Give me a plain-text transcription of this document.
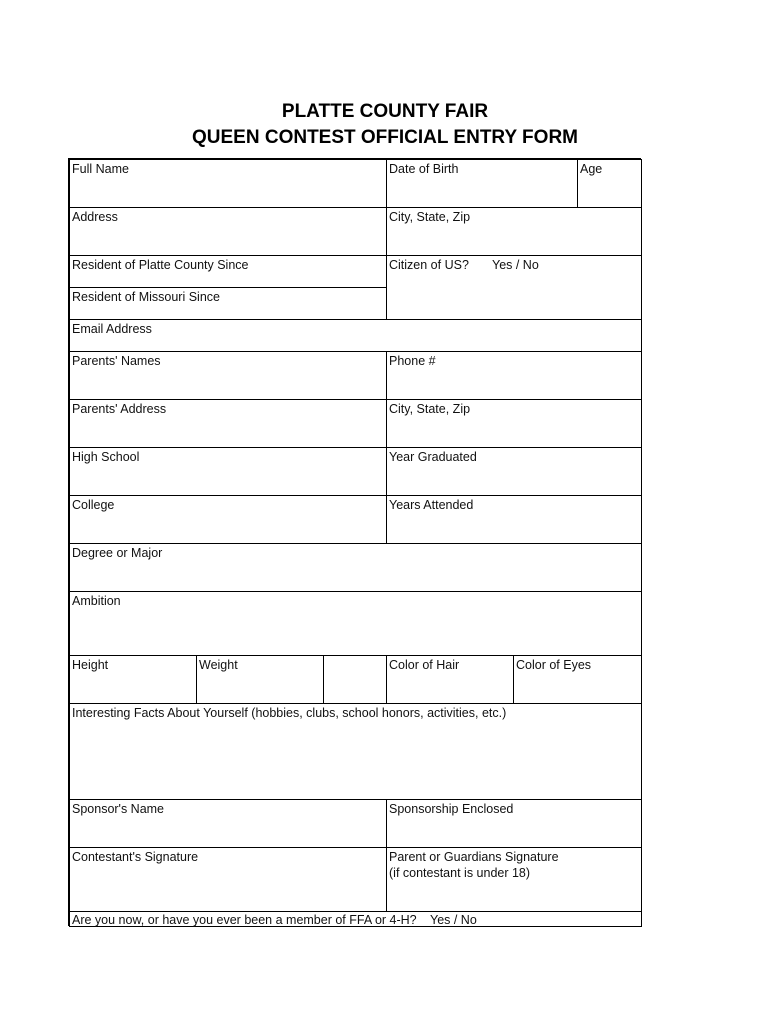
PLATTE COUNTY FAIR
QUEEN CONTEST OFFICIAL ENTRY FORM
Full Name	Date of Birth	Age
Address	City, State, Zip
Resident of Platte County Since
Resident of Missouri Since
Citizen of US? Yes / No
Email Address
Parents' Names	Phone #
Parents' Address	City, State, Zip
High School	Year Graduated
College	Years Attended
Degree or Major
Ambition
Height	Weight	Color of Hair	Color of Eyes
Interesting Facts About Yourself (hobbies, clubs, school honors, activities, etc.)
Sponsor's Name	Sponsorship Enclosed
Contestant's Signature	Parent or Guardians Signature
(if contestant is under 18)
Are you now, or have you ever been a member of FFA or 4-H? Yes / No
